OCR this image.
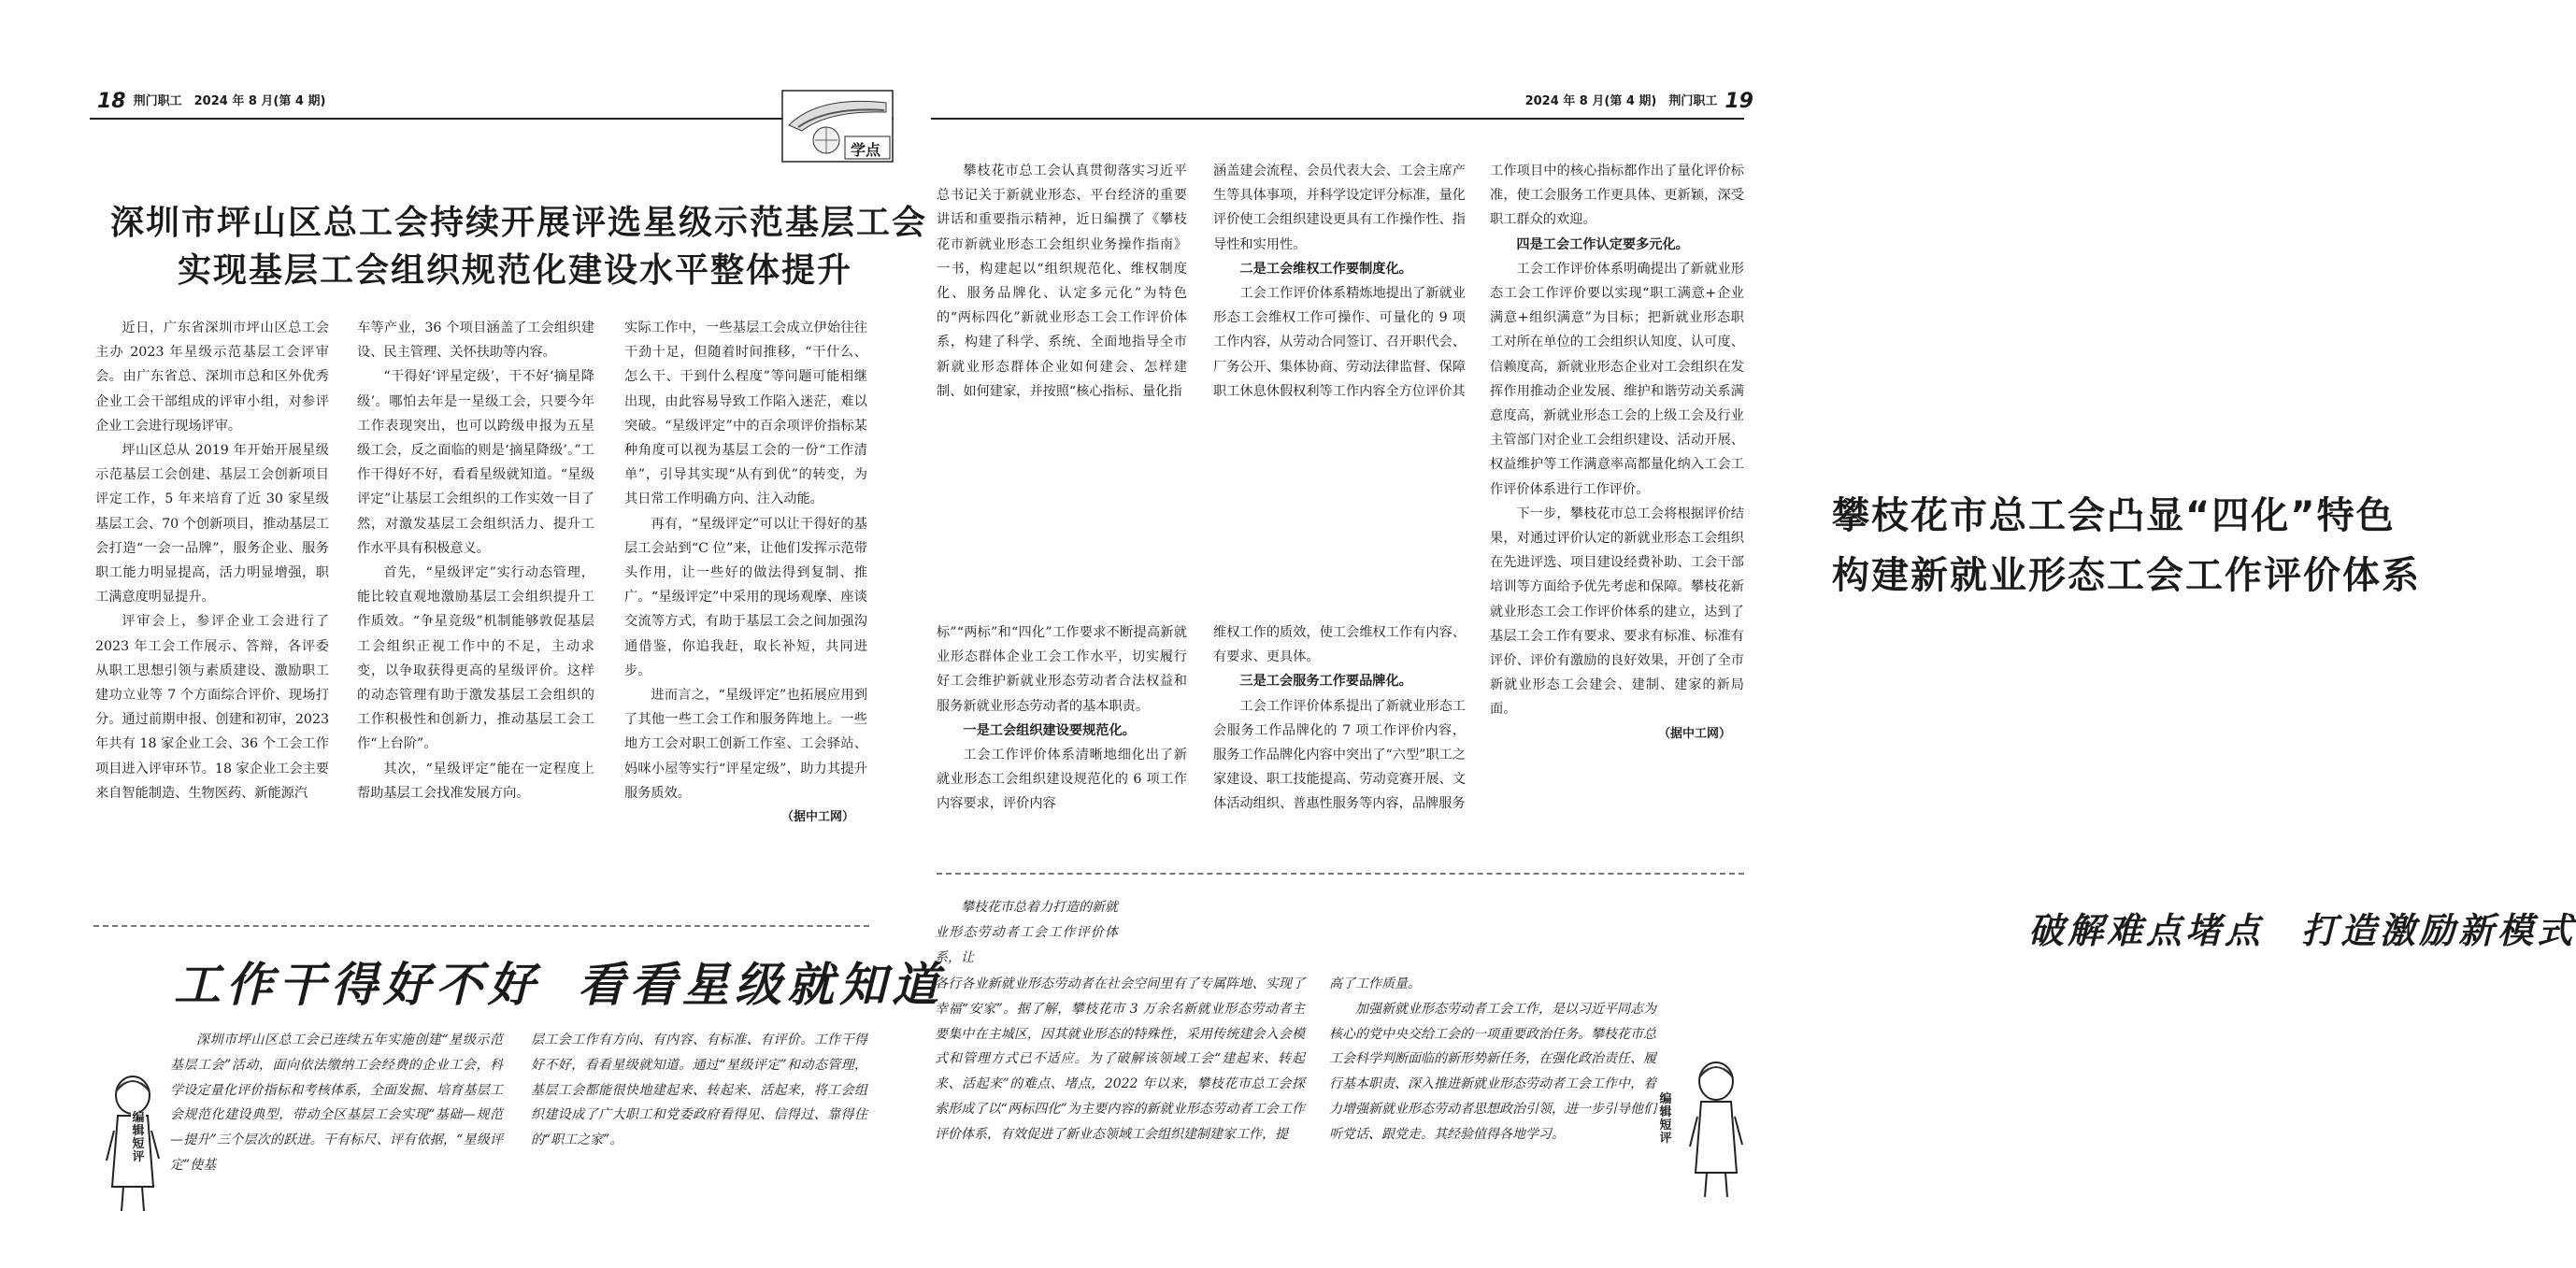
18 荆门职工　2024 年 8 月(第 4 期)
学点
深圳市坪山区总工会持续开展评选星级示范基层工会
实现基层工会组织规范化建设水平整体提升

近日，广东省深圳市坪山区总工会主办 2023 年星级示范基层工会评审会。由广东省总、深圳市总和区外优秀企业工会干部组成的评审小组，对参评企业工会进行现场评审。

坪山区总从 2019 年开始开展星级示范基层工会创建、基层工会创新项目评定工作，5 年来培育了近 30 家星级基层工会、70 个创新项目，推动基层工会打造“一会一品牌”，服务企业、服务职工能力明显提高，活力明显增强，职工满意度明显提升。

评审会上，参评企业工会进行了 2023 年工会工作展示、答辩，各评委从职工思想引领与素质建设、激励职工建功立业等 7 个方面综合评价、现场打分。通过前期申报、创建和初审，2023 年共有 18 家企业工会、36 个工会工作项目进入评审环节。18 家企业工会主要来自智能制造、生物医药、新能源汽

车等产业，36 个项目涵盖了工会组织建设、民主管理、关怀扶助等内容。

“干得好‘评星定级’，干不好‘摘星降级’。哪怕去年是一星级工会，只要今年工作表现突出，也可以跨级申报为五星级工会，反之面临的则是‘摘星降级’。”工作干得好不好，看看星级就知道。“星级评定”让基层工会组织的工作实效一目了然，对激发基层工会组织活力、提升工作水平具有积极意义。

首先，“星级评定”实行动态管理，能比较直观地激励基层工会组织提升工作质效。“争星竞级”机制能够敦促基层工会组织正视工作中的不足，主动求变，以争取获得更高的星级评价。这样的动态管理有助于激发基层工会组织的工作积极性和创新力，推动基层工会工作“上台阶”。

其次，“星级评定”能在一定程度上帮助基层工会找准发展方向。

实际工作中，一些基层工会成立伊始往往干劲十足，但随着时间推移，“干什么、怎么干、干到什么程度”等问题可能相继出现，由此容易导致工作陷入迷茫，难以突破。“星级评定”中的百余项评价指标某种角度可以视为基层工会的一份“工作清单”，引导其实现“从有到优”的转变，为其日常工作明确方向、注入动能。

再有，“星级评定”可以让干得好的基层工会站到“C 位”来，让他们发挥示范带头作用，让一些好的做法得到复制、推广。“星级评定”中采用的现场观摩、座谈交流等方式，有助于基层工会之间加强沟通借鉴，你追我赶，取长补短，共同进步。

进而言之，“星级评定”也拓展应用到了其他一些工会工作和服务阵地上。一些地方工会对职工创新工作室、工会驿站、妈咪小屋等实行“评星定级”，助力其提升服务质效。

（据中工网）
工作干得好不好 看看星级就知道
编辑短评

深圳市坪山区总工会已连续五年实施创建“星级示范基层工会”活动，面向依法缴纳工会经费的企业工会，科学设定量化评价指标和考核体系，全面发掘、培育基层工会规范化建设典型，带动全区基层工会实现“基础—规范—提升”三个层次的跃进。干有标尺、评有依据，“星级评定”使基

层工会工作有方向、有内容、有标准、有评价。工作干得好不好，看看星级就知道。通过“星级评定”和动态管理，基层工会都能很快地建起来、转起来、活起来，将工会组织建设成了广大职工和党委政府看得见、信得过、靠得住的“职工之家”。

2024 年 8 月(第 4 期)　荆门职工 19

攀枝花市总工会认真贯彻落实习近平总书记关于新就业形态、平台经济的重要讲话和重要指示精神，近日编撰了《攀枝花市新就业形态工会组织业务操作指南》一书，构建起以“组织规范化、维权制度化、服务品牌化、认定多元化”为特色的“两标四化”新就业形态工会工作评价体系，构建了科学、系统、全面地指导全市新就业形态群体企业如何建会、怎样建制、如何建家，并按照“核心指标、量化指

涵盖建会流程、会员代表大会、工会主席产生等具体事项，并科学设定评分标准，量化评价使工会组织建设更具有工作操作性、指导性和实用性。

二是工会维权工作要制度化。

工会工作评价体系精炼地提出了新就业形态工会维权工作可操作、可量化的 9 项工作内容，从劳动合同签订、召开职代会、厂务公开、集体协商、劳动法律监督、保障职工休息休假权利等工作内容全方位评价其

攀枝花市总工会凸显“四化”特色
构建新就业形态工会工作评价体系

标”“两标”和“四化”工作要求不断提高新就业形态群体企业工会工作水平，切实履行好工会维护新就业形态劳动者合法权益和服务新就业形态劳动者的基本职责。

一是工会组织建设要规范化。

工会工作评价体系清晰地细化出了新就业形态工会组织建设规范化的 6 项工作内容要求，评价内容

维权工作的质效，使工会维权工作有内容、有要求、更具体。

三是工会服务工作要品牌化。

工会工作评价体系提出了新就业形态工会服务工作品牌化的 7 项工作评价内容，服务工作品牌化内容中突出了“六型”职工之家建设、职工技能提高、劳动竞赛开展、文体活动组织、普惠性服务等内容，品牌服务

工作项目中的核心指标都作出了量化评价标准，使工会服务工作更具体、更新颖，深受职工群众的欢迎。

四是工会工作认定要多元化。

工会工作评价体系明确提出了新就业形态工会工作评价要以实现“职工满意+企业满意+组织满意”为目标；把新就业形态职工对所在单位的工会组织认知度、认可度、信赖度高，新就业形态企业对工会组织在发挥作用推动企业发展、维护和谐劳动关系满意度高，新就业形态工会的上级工会及行业主管部门对企业工会组织建设、活动开展、权益维护等工作满意率高都量化纳入工会工作评价体系进行工作评价。

下一步，攀枝花市总工会将根据评价结果，对通过评价认定的新就业形态工会组织在先进评选、项目建设经费补助、工会干部培训等方面给予优先考虑和保障。攀枝花新就业形态工会工作评价体系的建立，达到了基层工会工作有要求、要求有标准、标准有评价、评价有激励的良好效果，开创了全市新就业形态工会建会、建制、建家的新局面。

（据中工网）

攀枝花市总着力打造的新就业形态劳动者工会工作评价体系，让

破解难点堵点 打造激励新模式

各行各业新就业形态劳动者在社会空间里有了专属阵地、实现了幸福“安家”。据了解，攀枝花市 3 万余名新就业形态劳动者主要集中在主城区，因其就业形态的特殊性，采用传统建会入会模式和管理方式已不适应。为了破解该领域工会“建起来、转起来、活起来”的难点、堵点，2022 年以来，攀枝花市总工会探索形成了以“两标四化”为主要内容的新就业形态劳动者工会工作评价体系，有效促进了新业态领域工会组织建制建家工作，提

高了工作质量。

加强新就业形态劳动者工会工作，是以习近平同志为核心的党中央交给工会的一项重要政治任务。攀枝花市总工会科学判断面临的新形势新任务，在强化政治责任、履行基本职责、深入推进新就业形态劳动者工会工作中，着力增强新就业形态劳动者思想政治引领，进一步引导他们听党话、跟党走。其经验值得各地学习。

编辑短评
